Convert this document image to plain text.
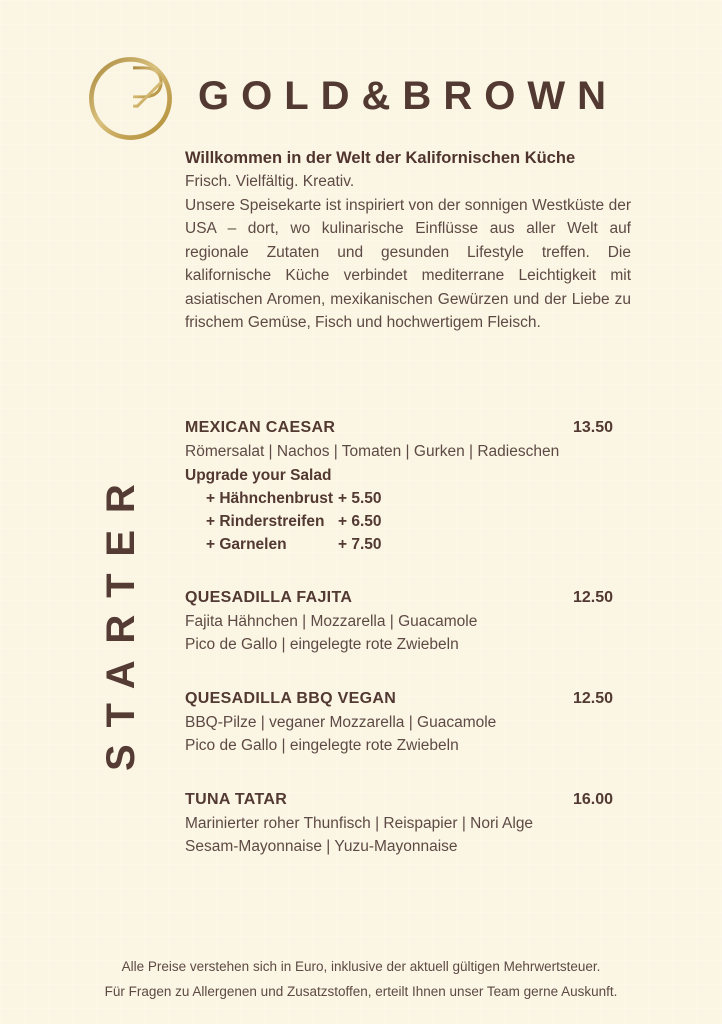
GOLD&BROWN
Willkommen in der Welt der Kalifornischen Küche

Frisch. Vielfältig. Kreativ.

Unsere Speisekarte ist inspiriert von der sonnigen Westküste der USA – dort, wo kulinarische Einflüsse aus aller Welt auf regionale Zutaten und gesunden Lifestyle treffen. Die kalifornische Küche verbindet mediterrane Leichtigkeit mit asiatischen Aromen, mexikanischen Gewürzen und der Liebe zu frischem Gemüse, Fisch und hochwertigem Fleisch.

STARTER
MEXICAN CAESAR	13.50

Römersalat | Nachos | Tomaten | Gurken | Radieschen

Upgrade your Salad

+ Hähnchenbrust + 5.50
+ Rinderstreifen + 6.50
+ Garnelen	+ 7.50
QUESADILLA FAJITA	12.50

Fajita Hähnchen | Mozzarella | Guacamole

Pico de Gallo | eingelegte rote Zwiebeln

QUESADILLA BBQ VEGAN	12.50

BBQ-Pilze | veganer Mozzarella | Guacamole

Pico de Gallo | eingelegte rote Zwiebeln

TUNA TATAR	16.00

Marinierter roher Thunfisch | Reispapier | Nori Alge

Sesam-Mayonnaise | Yuzu-Mayonnaise

Alle Preise verstehen sich in Euro, inklusive der aktuell gültigen Mehrwertsteuer.

Für Fragen zu Allergenen und Zusatzstoffen, erteilt Ihnen unser Team gerne Auskunft.
